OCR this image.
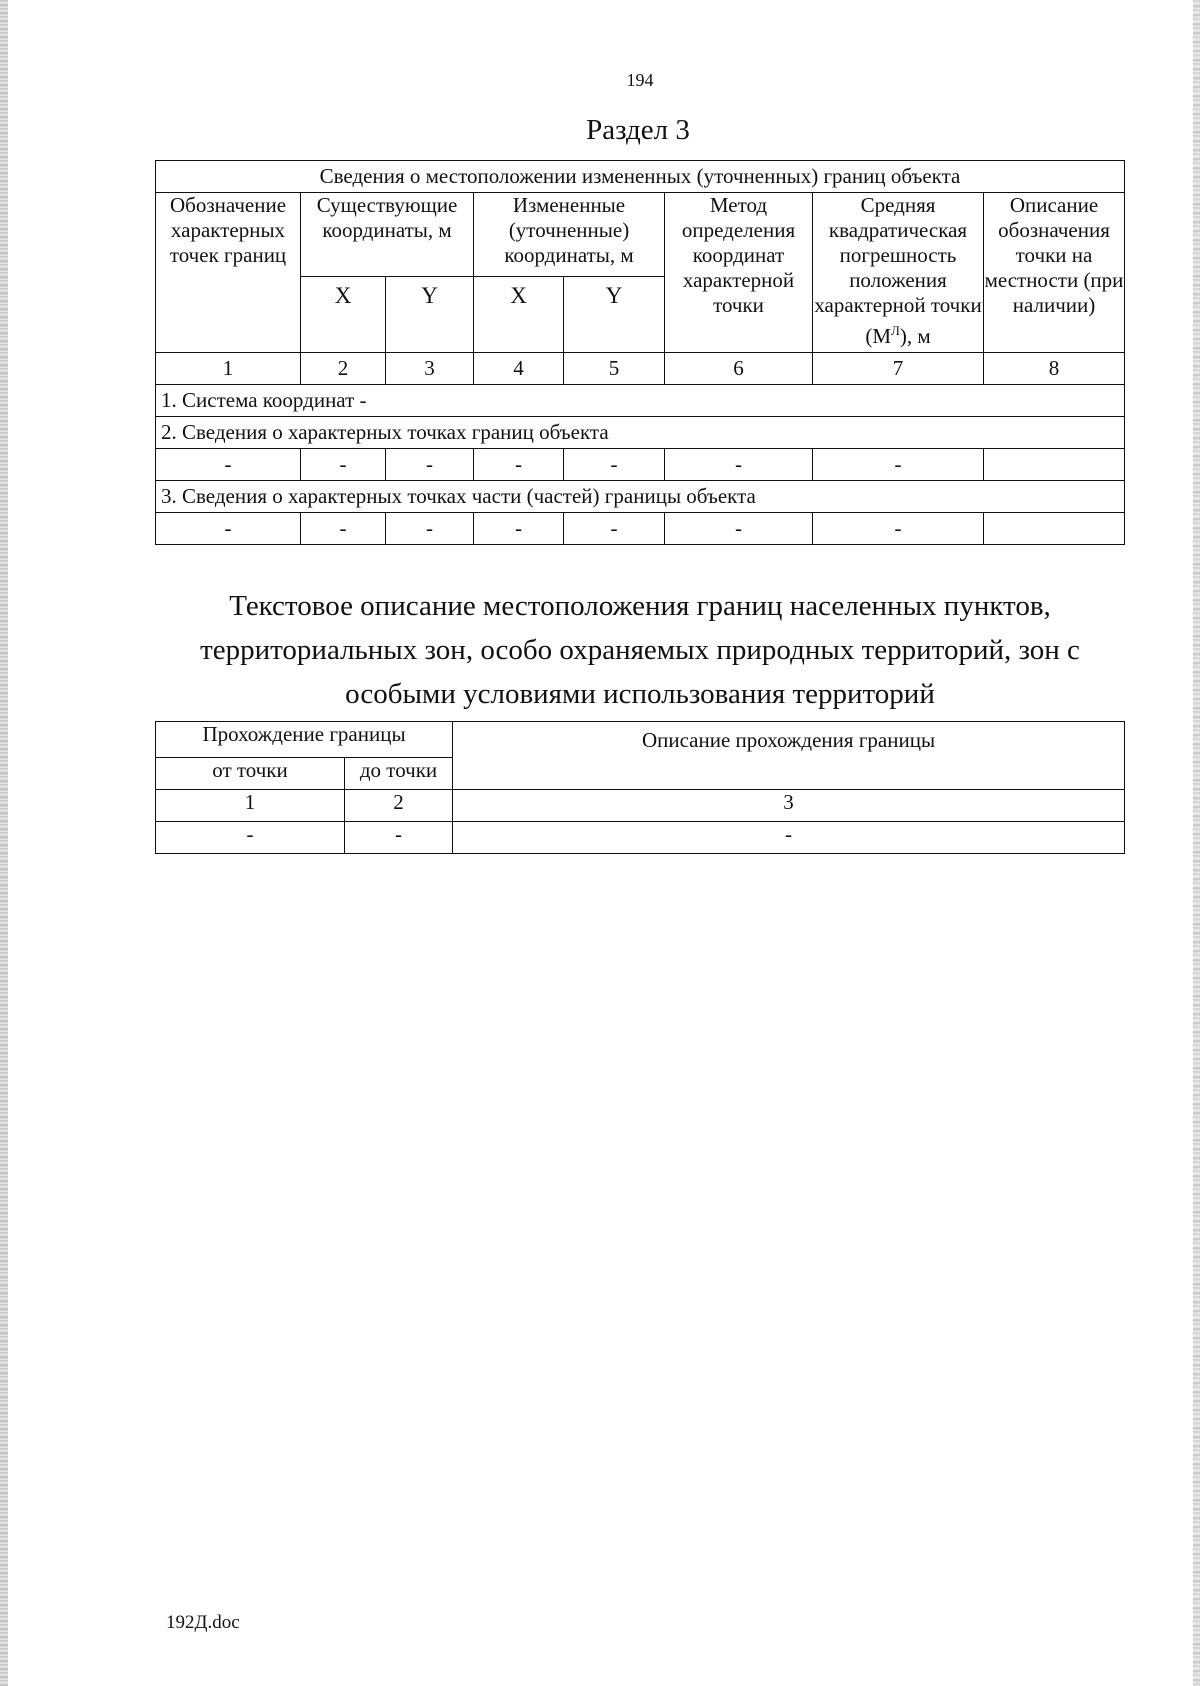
194
Раздел 3
Сведения о местоположении измененных (уточненных) границ объекта							
Обозначение характерных точек границ	Существующие координаты, м		Измененные (уточненные) координаты, м		Метод определения координат характерной точки	Средняя квадратическая погрешность положения характерной точки $(М^Л)$, м	Описание обозначения точки на местности (при наличии)
	X	Y	X	Y			
1	2	3	4	5	6	7	8
1. Система координат -							
2. Сведения о характерных точках границ объекта							
-	-	-	-	-	-	-	
3. Сведения о характерных точках части (частей) границы объекта							
-	-	-	-	-	-	-	
Текстовое описание местоположения границ населенных пунктов, территориальных зон, особо охраняемых природных территорий, зон с особыми условиями использования территорий
Прохождение границы		Описание прохождения границы
от точки	до точки	
1	2	3
-	-	-
192Д.doc
